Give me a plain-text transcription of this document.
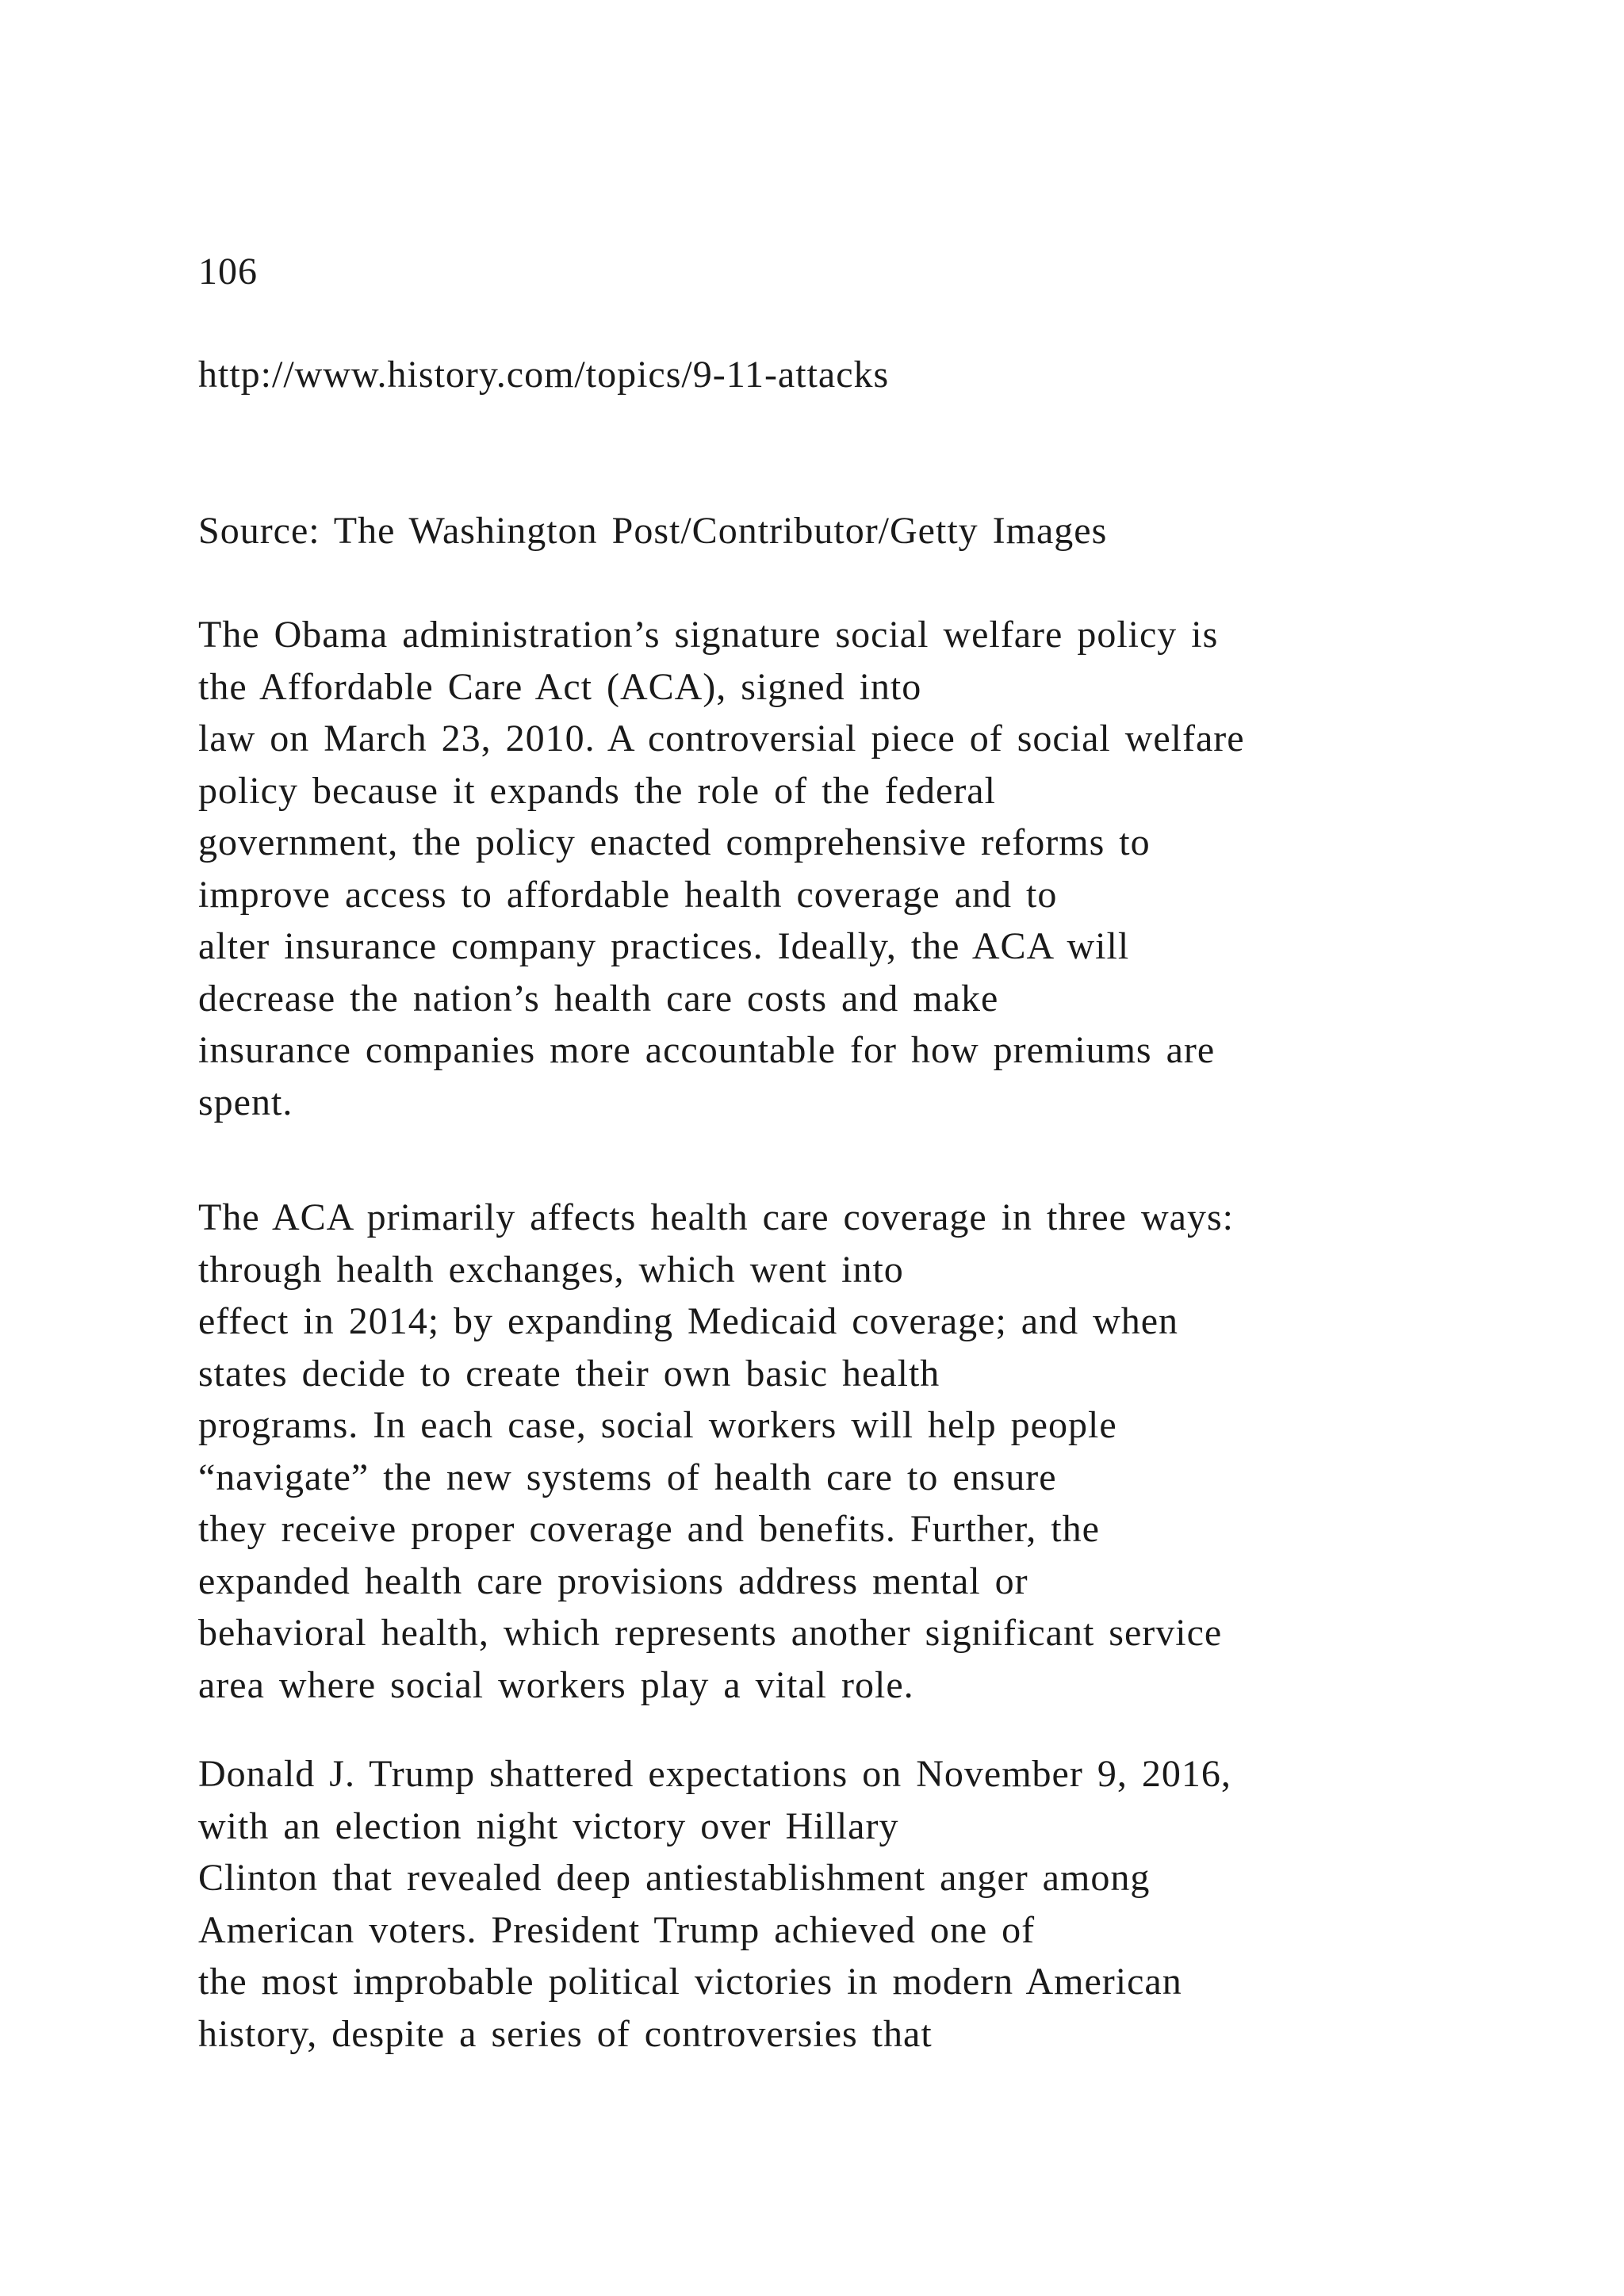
106
http://www.history.com/topics/9-11-attacks
Source: The Washington Post/Contributor/Getty Images
The Obama administration’s signature social welfare policy is
the Affordable Care Act (ACA), signed into
law on March 23, 2010. A controversial piece of social welfare
policy because it expands the role of the federal
government, the policy enacted comprehensive reforms to
improve access to affordable health coverage and to
alter insurance company practices. Ideally, the ACA will
decrease the nation’s health care costs and make
insurance companies more accountable for how premiums are
spent.
The ACA primarily affects health care coverage in three ways:
through health exchanges, which went into
effect in 2014; by expanding Medicaid coverage; and when
states decide to create their own basic health
programs. In each case, social workers will help people
“navigate” the new systems of health care to ensure
they receive proper coverage and benefits. Further, the
expanded health care provisions address mental or
behavioral health, which represents another significant service
area where social workers play a vital role.
Donald J. Trump shattered expectations on November 9, 2016,
with an election night victory over Hillary
Clinton that revealed deep antiestablishment anger among
American voters. President Trump achieved one of
the most improbable political victories in modern American
history, despite a series of controversies that
